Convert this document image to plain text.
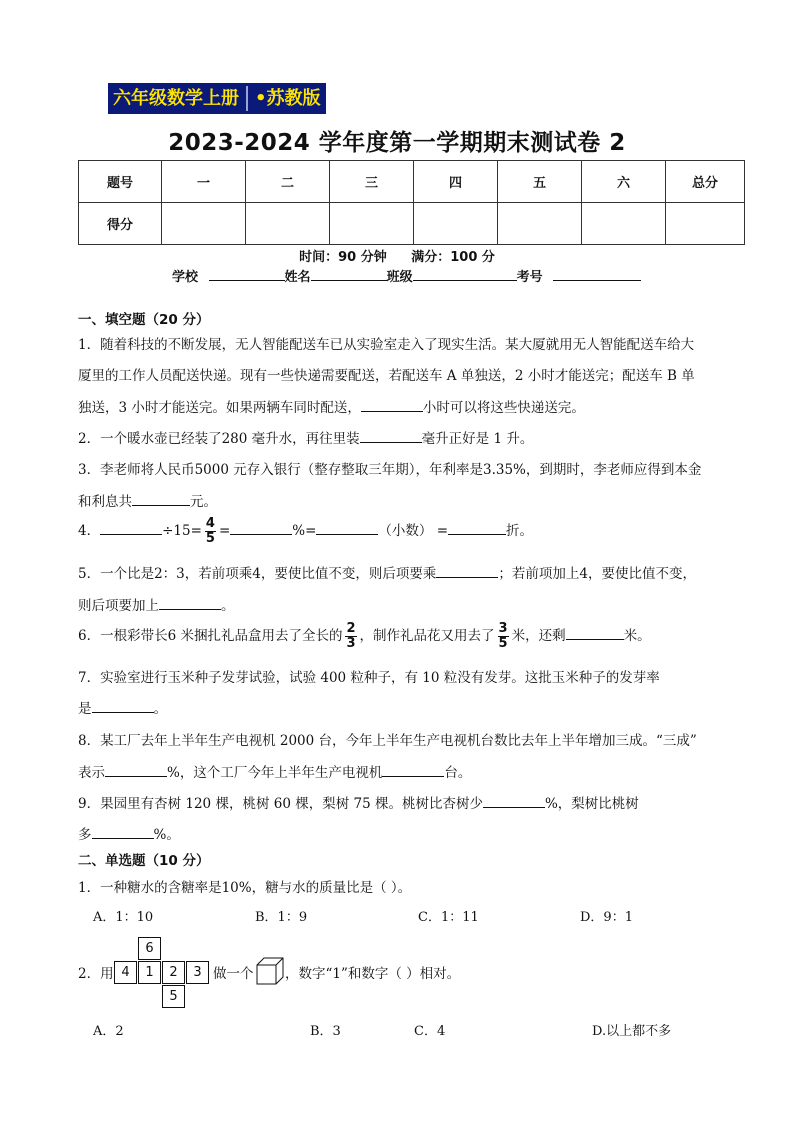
六年级数学上册 •苏教版
2023-2024 学年度第一学期期末测试卷 2
题号	一	二	三	四	五	六	总分
得分							
时间：90 分钟 满分：100 分
学校	姓名	班级	考号
一、填空题（20 分）
1．随着科技的不断发展，无人智能配送车已从实验室走入了现实生活。某大厦就用无人智能配送车给大
厦里的工作人员配送快递。现有一些快递需要配送，若配送车 A 单独送，2 小时才能送完；配送车 B 单
独送，3 小时才能送完。如果两辆车同时配送，	小时可以将这些快递送完。
2．一个暖水壶已经装了280 毫升水，再往里装	毫升正好是 1 升。
3．李老师将人民币5000 元存入银行（整存整取三年期），年利率是3.35%，到期时，李老师应得到本金
和利息共	元。
4．	$\div 15= \frac{4}{5}$ =	%=	（小数） =	折。
5．一个比是2：3，若前项乘4，要使比值不变，则后项要乘	；若前项加上4，要使比值不变，
则后项要加上	。
6．一根彩带长6 米捆扎礼品盒用去了全长的 $\frac{2}{3}$ ，制作礼品花又用去了 $\frac{3}{5}$ 米，还剩	米。
7．实验室进行玉米种子发芽试验，试验 400 粒种子，有 10 粒没有发芽。这批玉米种子的发芽率
是	。
8．某工厂去年上半年生产电视机 2000 台，今年上半年生产电视机台数比去年上半年增加三成。“三成”
表示	%，这个工厂今年上半年生产电视机	台。
9．果园里有杏树 120 棵，桃树 60 棵，梨树 75 棵。桃树比杏树少	%，梨树比桃树
多	%。
二、单选题（10 分）
1．一种糖水的含糖率是10%，糖与水的质量比是（ ）。
A．1：10	B．1：9	C．1：11	D．9：1
2．用
6
4	1	2	3
5
做一个 ，数字“1”和数字（ ）相对。
A．2	B．3	C．4	D.以上都不多
